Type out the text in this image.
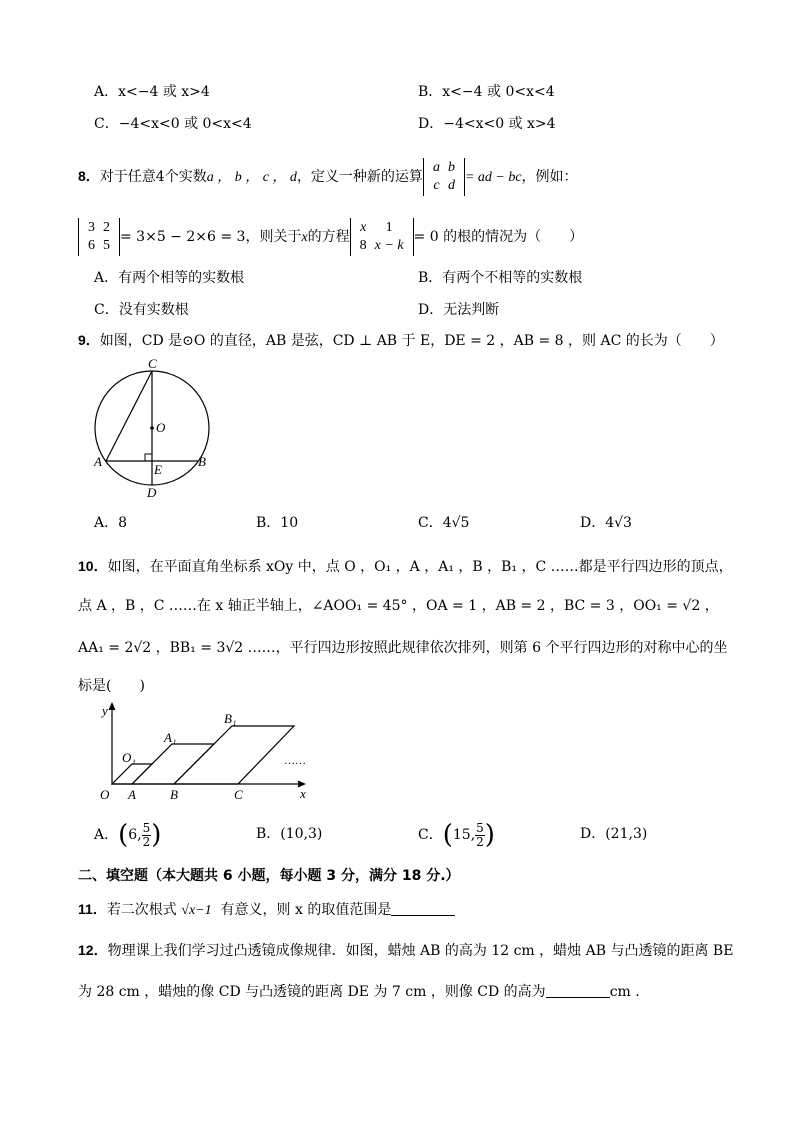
A．x<−4 或 x>4	B．x<−4 或 0<x<4
C．−4<x<0 或 0<x<4	D．−4<x<0 或 x>4
8．对于任意4个实数a ， b ， c ， d，定义一种新的运算
a	b
c	d
= ad − bc，例如：
3	2
6	5
= 3×5 − 2×6 = 3，则关于x的方程
x	1
8	x − k
= 0 的根的情况为（　　）
A．有两个相等的实数根	B．有两个不相等的实数根
C．没有实数根	D．无法判断
9．如图，CD 是⊙O 的直径，AB 是弦，CD ⊥ AB 于 E，DE = 2 ，AB = 8 ，则 AC 的长为（　　）
C
O
A	B
E
D
A．8	B．10	C．4√5	D．4√3
10．如图，在平面直角坐标系 xOy 中，点 O ，O₁ ，A ，A₁ ，B ，B₁ ，C ……都是平行四边形的顶点，
点 A ，B ，C ……在 x 轴正半轴上，∠AOO₁ = 45° ，OA = 1 ，AB = 2 ，BC = 3 ，OO₁ = √2 ，
AA₁ = 2√2 ，BB₁ = 3√2 ……，平行四边形按照此规律依次排列，则第 6 个平行四边形的对称中心的坐
标是(　　)
y
x
O A	B	C
O₁
A₁
B₁
……
A．(6, $\frac{5}{2}$ )	B．(10,3)	C．(15, $\frac{5}{2}$ )	D．(21,3)
二、填空题（本大题共 6 小题，每小题 3 分，满分 18 分.）
11．若二次根式 √x−1 有意义，则 x 的取值范围是
12．物理课上我们学习过凸透镜成像规律．如图，蜡烛 AB 的高为 12 cm ，蜡烛 AB 与凸透镜的距离 BE
为 28 cm ，蜡烛的像 CD 与凸透镜的距离 DE 为 7 cm ，则像 CD 的高为	cm .
